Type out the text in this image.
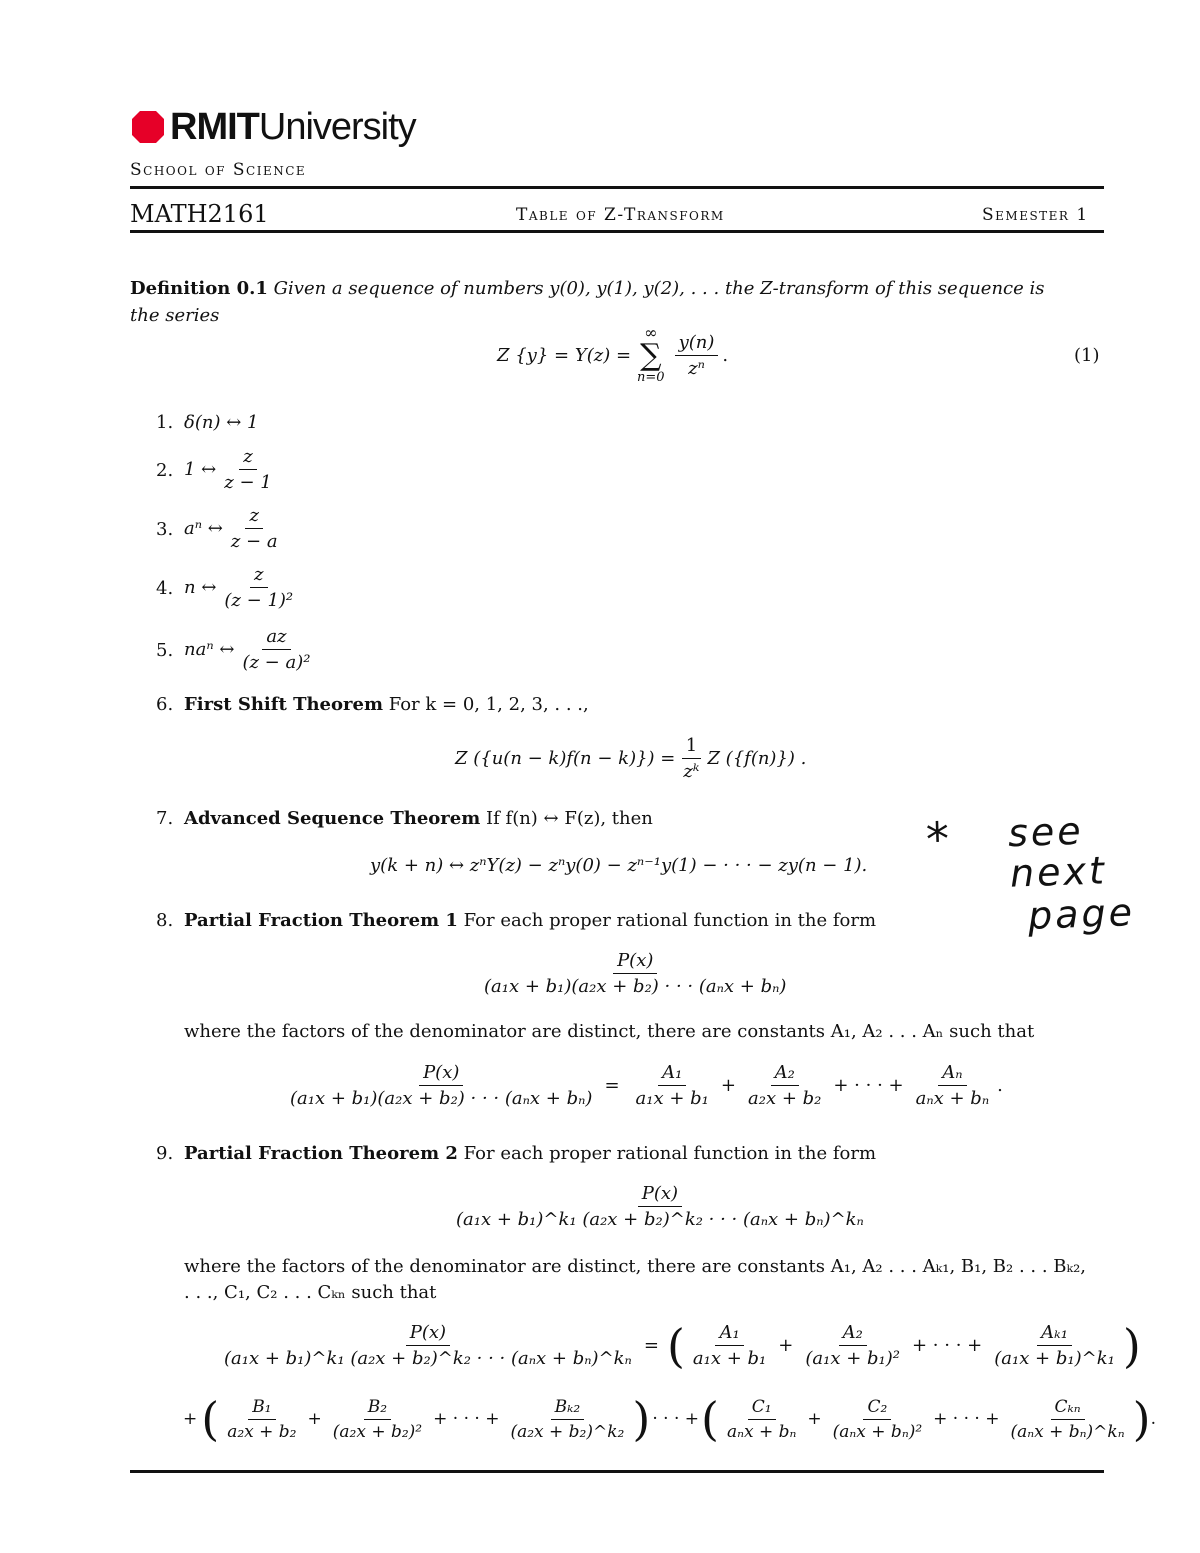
RMIT University
School of Science
MATH2161	Table of Z-Transform	Semester 1
Definition 0.1 Given a sequence of numbers y(0), y(1), y(2), . . . the Z-transform of this sequence is
the series
Z {y} = Y(z) =
∞
∑
$n=0 \frac{y(n)}{\text{zⁿ}}$ .	(1)
1. δ(n) ↔ 1
2. 1 ↔ $\frac{z}{z - 1}$
3. aⁿ ↔ $\frac{z}{z - a}$
4. n ↔ $\frac{z}{\text{(z − 1)²}}$
5. naⁿ ↔ $\frac{az}{\text{(z − a)²}}$
6. First Shift Theorem For k = 0, 1, 2, 3, . . .,
Z $(\{u(n - k)f(n - k)\}) = \frac{1}{\text{zᵏ}}$ Z ({f(n)}) .
7. Advanced Sequence Theorem If f(n) ↔ F(z), then
y(k + n) ↔ zⁿY(z) − zⁿy(0) − zⁿ⁻¹y(1) − · · · − zy(n − 1). * see
next
page
8. Partial Fraction Theorem 1 For each proper rational function in the form
$\frac{P(x)}{\text{(a₁x + b₁)(a₂x + b₂) · · · (aₙx + bₙ)}}$
where the factors of the denominator are distinct, there are constants A₁, A₂ . . . Aₙ such that
$\frac{P(x)}{\text{(a₁x + b₁)(a₂x + b₂) · · · (aₙx + bₙ)}} = \frac{\text{A₁}}{\text{a₁x + b₁}} + \frac{\text{A₂}}{\text{a₂x + b₂}}$ + · · · + $\frac{\text{Aₙ}}{\text{aₙx + bₙ}}$ .
9. Partial Fraction Theorem 2 For each proper rational function in the form
$\frac{P(x)}{\text{(a₁x + b₁)\textasciicircum{}k₁ (a₂x + b₂)\textasciicircum{}k₂ · · · (aₙx + bₙ)\textasciicircum{}kₙ}}$
where the factors of the denominator are distinct, there are constants A₁, A₂ . . . Aₖ₁, B₁, B₂ . . . Bₖ₂,
. . ., C₁, C₂ . . . Cₖₙ such that
$\frac{P(x)}{\text{(a₁x + b₁)\textasciicircum{}k₁ (a₂x + b₂)\textasciicircum{}k₂ · · · (aₙx + bₙ)\textasciicircum{}kₙ}}$ = ( $\frac{\text{A₁}}{\text{a₁x + b₁}} + \frac{\text{A₂}}{\text{(a₁x + b₁)²}}$ + · · · + $\frac{\text{Aₖ₁}}{\text{(a₁x + b₁)\textasciicircum{}k₁}}$ )
+ ( $\frac{\text{B₁}}{\text{a₂x + b₂}} + \frac{\text{B₂}}{\text{(a₂x + b₂)²}}$ + · · · + $\frac{\text{Bₖ₂}}{\text{(a₂x + b₂)\textasciicircum{}k₂}}$ ) · · · + ( $\frac{\text{C₁}}{\text{aₙx + bₙ}} + \frac{\text{C₂}}{\text{(aₙx + bₙ)²}}$ + · · · + $\frac{\text{Cₖₙ}}{\text{(aₙx + bₙ)\textasciicircum{}kₙ}}$ ) .
